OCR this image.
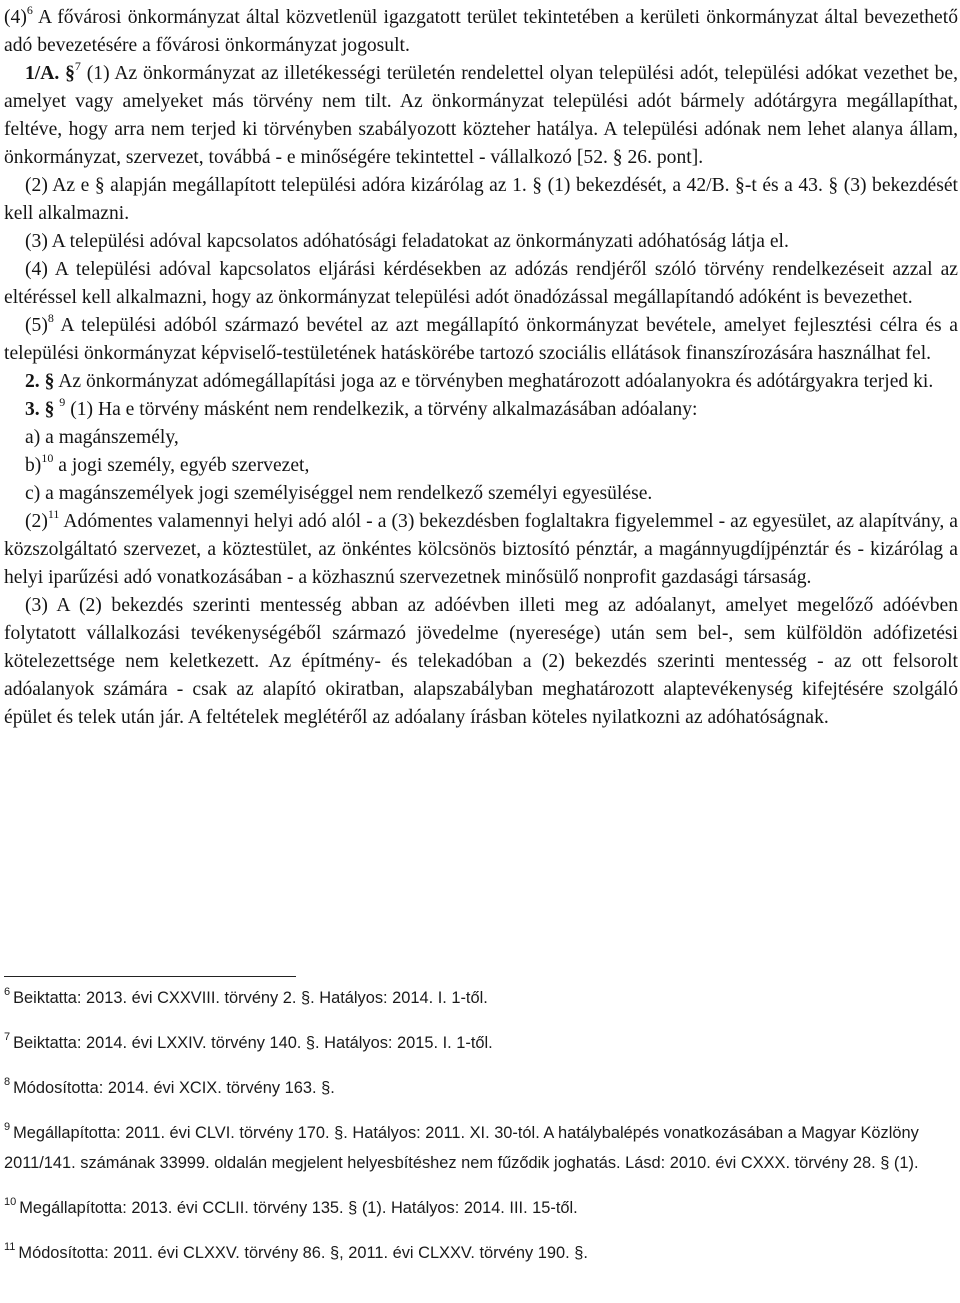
$(4)^6$ A fővárosi önkormányzat által közvetlenül igazgatott terület tekintetében a kerületi önkormányzat által bevezethető adó bevezetésére a fővárosi önkormányzat jogosult.

1/A. §$^7$ (1) Az önkormányzat az illetékességi területén rendelettel olyan települési adót, települési adókat vezethet be, amelyet vagy amelyeket más törvény nem tilt. Az önkormányzat települési adót bármely adótárgyra megállapíthat, feltéve, hogy arra nem terjed ki törvényben szabályozott közteher hatálya. A települési adónak nem lehet alanya állam, önkormányzat, szervezet, továbbá - e minőségére tekintettel - vállalkozó [52. § 26. pont].

(2) Az e § alapján megállapított települési adóra kizárólag az 1. § (1) bekezdését, a 42/B. §-t és a 43. § (3) bekezdését kell alkalmazni.

(3) A települési adóval kapcsolatos adóhatósági feladatokat az önkormányzati adóhatóság látja el.

(4) A települési adóval kapcsolatos eljárási kérdésekben az adózás rendjéről szóló törvény rendelkezéseit azzal az eltéréssel kell alkalmazni, hogy az önkormányzat települési adót önadózással megállapítandó adóként is bevezethet.

$(5)^8$ A települési adóból származó bevétel az azt megállapító önkormányzat bevétele, amelyet fejlesztési célra és a települési önkormányzat képviselő-testületének hatáskörébe tartozó szociális ellátások finanszírozására használhat fel.

2. § Az önkormányzat adómegállapítási joga az e törvényben meghatározott adóalanyokra és adótárgyakra terjed ki.

3. § $^9$ (1) Ha e törvény másként nem rendelkezik, a törvény alkalmazásában adóalany:

a) a magánszemély,

b)$^{10}$ a jogi személy, egyéb szervezet,

c) a magánszemélyek jogi személyiséggel nem rendelkező személyi egyesülése.

$(2)^{11}$ Adómentes valamennyi helyi adó alól - a (3) bekezdésben foglaltakra figyelemmel - az egyesület, az alapítvány, a közszolgáltató szervezet, a köztestület, az önkéntes kölcsönös biztosító pénztár, a magánnyugdíjpénztár és - kizárólag a helyi iparűzési adó vonatkozásában - a közhasznú szervezetnek minősülő nonprofit gazdasági társaság.

(3) A (2) bekezdés szerinti mentesség abban az adóévben illeti meg az adóalanyt, amelyet megelőző adóévben folytatott vállalkozási tevékenységéből származó jövedelme (nyeresége) után sem bel-, sem külföldön adófizetési kötelezettsége nem keletkezett. Az építmény- és telekadóban a (2) bekezdés szerinti mentesség - az ott felsorolt adóalanyok számára - csak az alapító okiratban, alapszabályban meghatározott alaptevékenység kifejtésére szolgáló épület és telek után jár. A feltételek meglétéről az adóalany írásban köteles nyilatkozni az adóhatóságnak.

$^6$ Beiktatta: 2013. évi CXXVIII. törvény 2. §. Hatályos: 2014. I. 1-től.

$^7$ Beiktatta: 2014. évi LXXIV. törvény 140. §. Hatályos: 2015. I. 1-től.

$^8$ Módosította: 2014. évi XCIX. törvény 163. §.

$^9$ Megállapította: 2011. évi CLVI. törvény 170. §. Hatályos: 2011. XI. 30-tól. A hatálybalépés vonatkozásában a Magyar Közlöny 2011/141. számának 33999. oldalán megjelent helyesbítéshez nem fűződik joghatás. Lásd: 2010. évi CXXX. törvény 28. § (1).

$^{10}$ Megállapította: 2013. évi CCLII. törvény 135. § (1). Hatályos: 2014. III. 15-től.

$^{11}$ Módosította: 2011. évi CLXXV. törvény 86. §, 2011. évi CLXXV. törvény 190. §.
